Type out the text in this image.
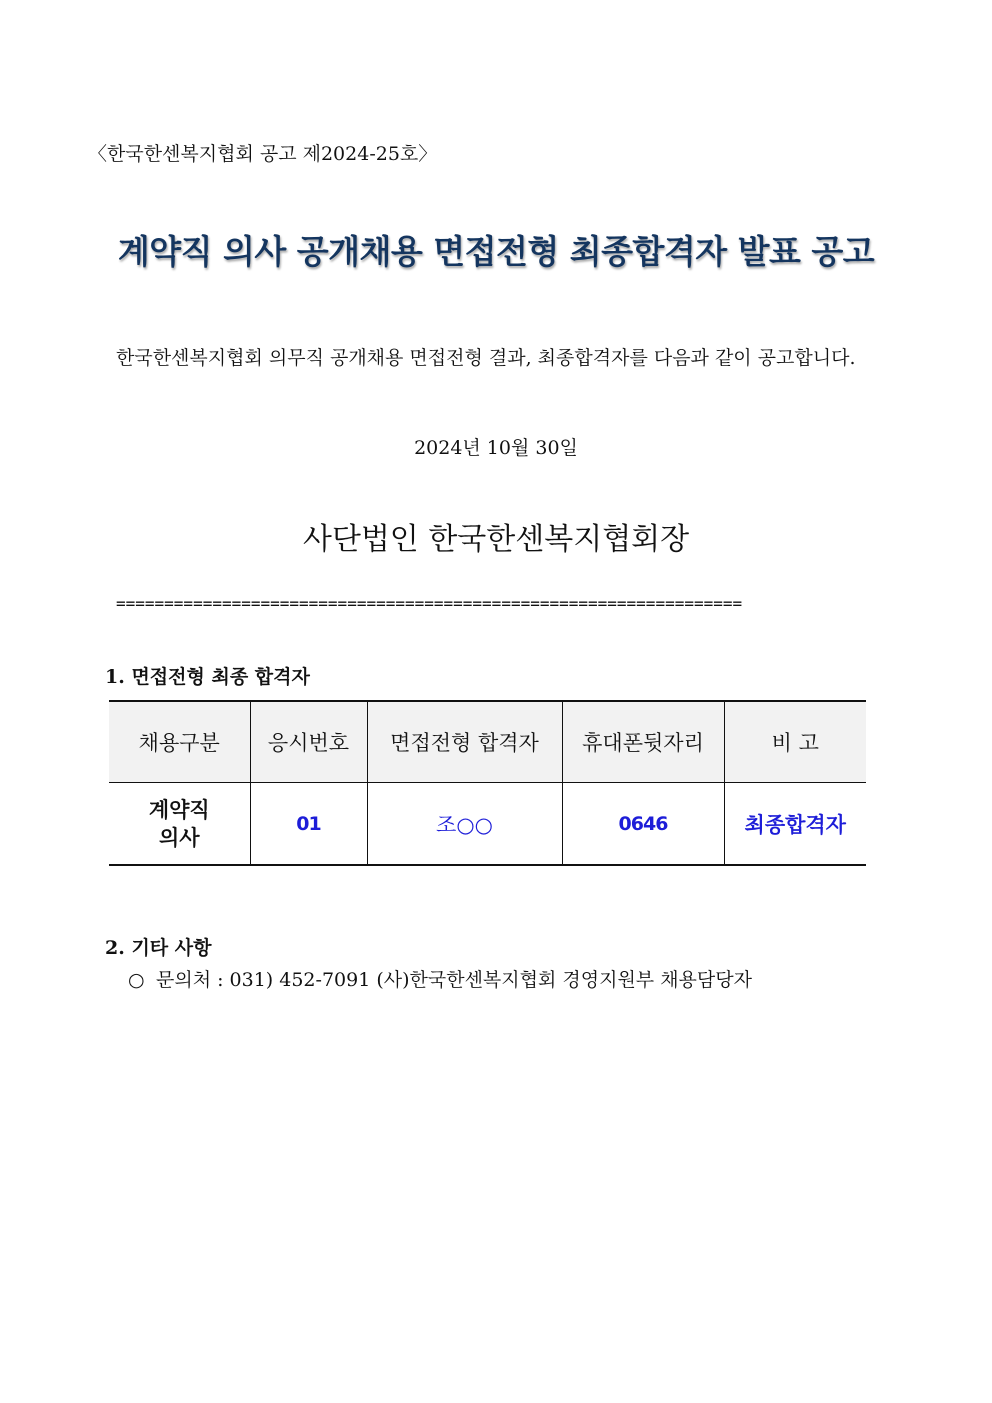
〈한국한센복지협회 공고 제2024-25호〉
계약직 의사 공개채용 면접전형 최종합격자 발표 공고
한국한센복지협회 의무직 공개채용 면접전형 결과, 최종합격자를 다음과 같이 공고합니다.
2024년 10월 30일
사단법인 한국한센복지협회장
=================================================================
1. 면접전형 최종 합격자
채용구분	응시번호	면접전형 합격자	휴대폰뒷자리	비 고

계약직
의사	01	조○○	0646	최종합격자
2. 기타 사항
○ 문의처 : 031) 452-7091 (사)한국한센복지협회 경영지원부 채용담당자
